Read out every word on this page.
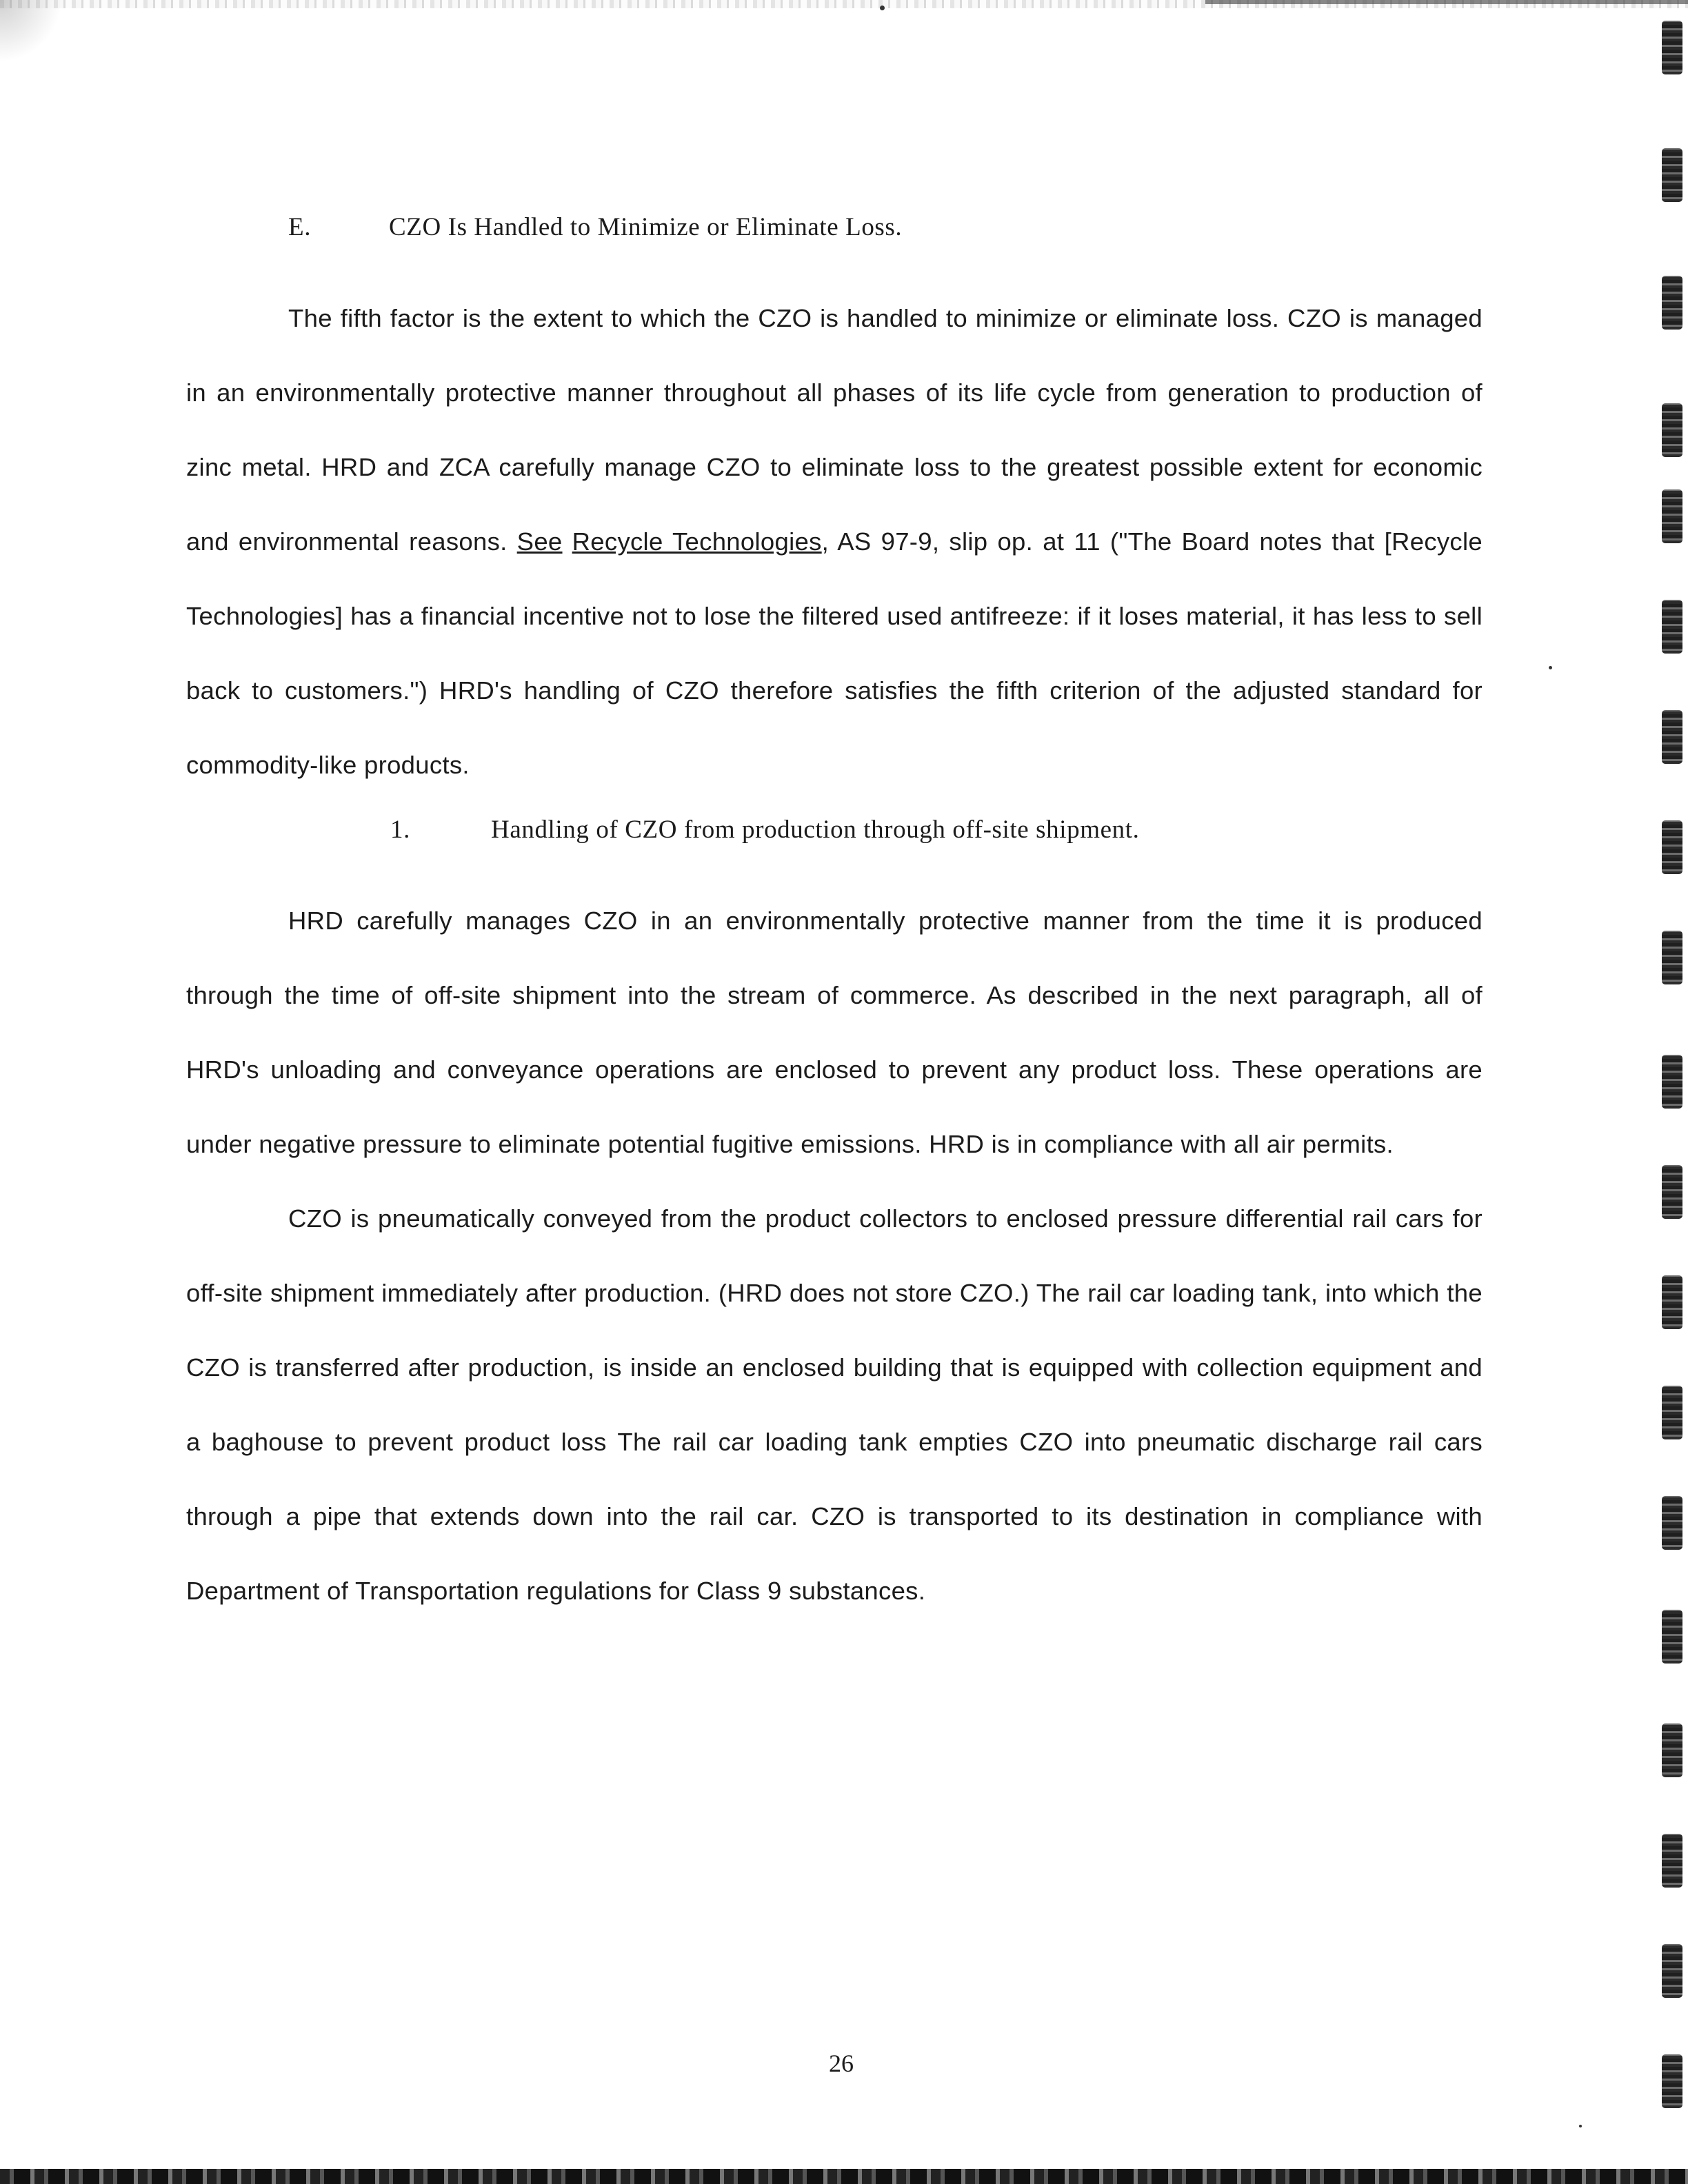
E.	CZO Is Handled to Minimize or Eliminate Loss.

The fifth factor is the extent to which the CZO is handled to minimize or eliminate loss. CZO is managed in an environmentally protective manner throughout all phases of its life cycle from generation to production of zinc metal. HRD and ZCA carefully manage CZO to eliminate loss to the greatest possible extent for economic and environmental reasons. See Recycle Technologies, AS 97-9, slip op. at 11 ("The Board notes that [Recycle Technologies] has a financial incentive not to lose the filtered used antifreeze: if it loses material, it has less to sell back to customers.") HRD's handling of CZO therefore satisfies the fifth criterion of the adjusted standard for commodity-like products.

1.	Handling of CZO from production through off-site shipment.

HRD carefully manages CZO in an environmentally protective manner from the time it is produced through the time of off-site shipment into the stream of commerce. As described in the next paragraph, all of HRD's unloading and conveyance operations are enclosed to prevent any product loss. These operations are under negative pressure to eliminate potential fugitive emissions. HRD is in compliance with all air permits.

CZO is pneumatically conveyed from the product collectors to enclosed pressure differential rail cars for off-site shipment immediately after production. (HRD does not store CZO.) The rail car loading tank, into which the CZO is transferred after production, is inside an enclosed building that is equipped with collection equipment and a baghouse to prevent product loss The rail car loading tank empties CZO into pneumatic discharge rail cars through a pipe that extends down into the rail car. CZO is transported to its destination in compliance with Department of Transportation regulations for Class 9 substances.

26
